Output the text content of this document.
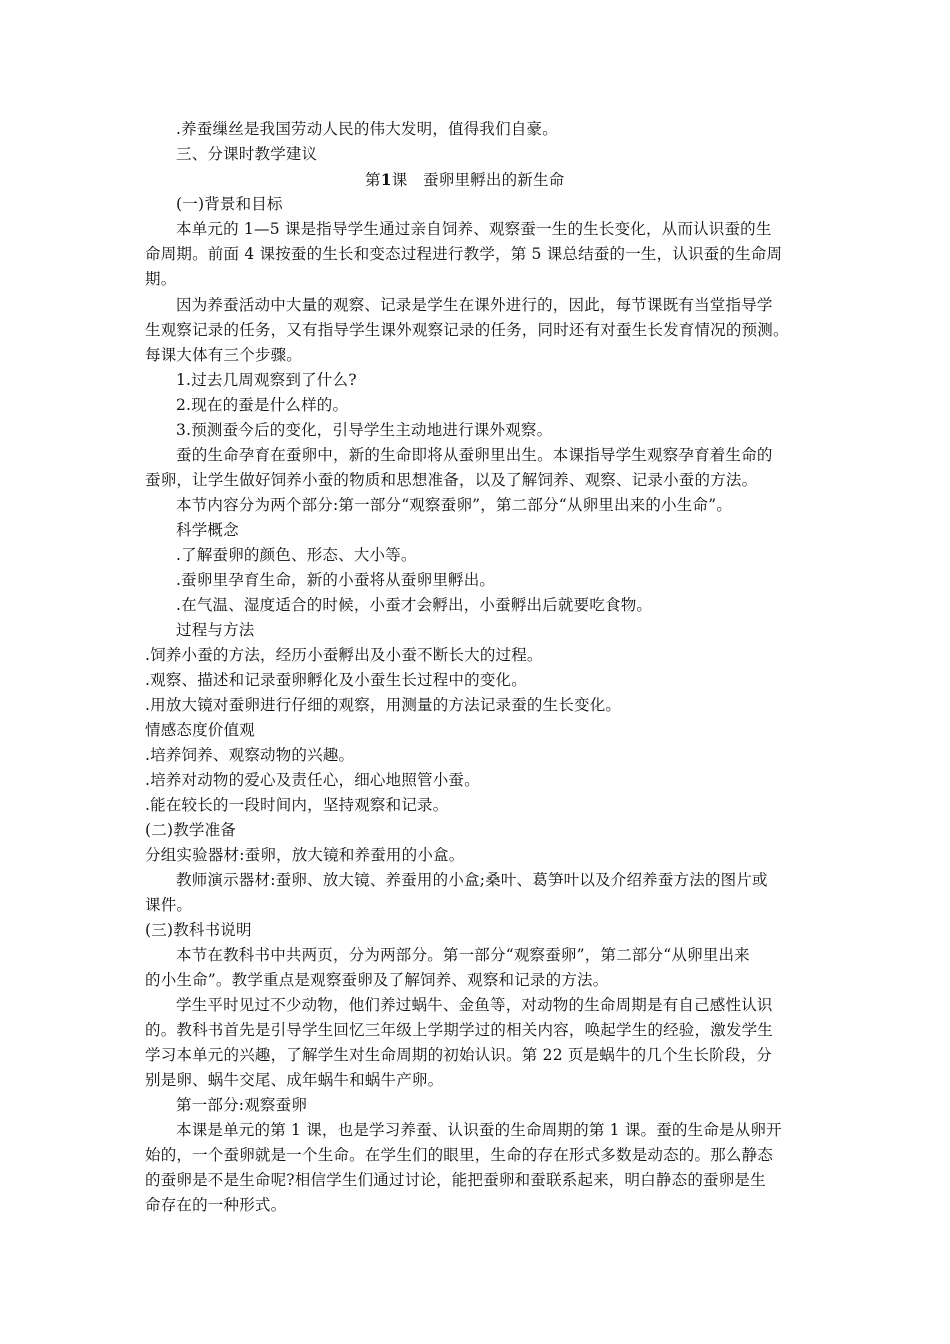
.养蚕缫丝是我国劳动人民的伟大发明，值得我们自豪。
三、分课时教学建议
第1课　蚕卵里孵出的新生命
(一)背景和目标
本单元的 1—5 课是指导学生通过亲自饲养、观察蚕一生的生长变化，从而认识蚕的生
命周期。前面 4 课按蚕的生长和变态过程进行教学，第 5 课总结蚕的一生，认识蚕的生命周
期。
因为养蚕活动中大量的观察、记录是学生在课外进行的，因此，每节课既有当堂指导学
生观察记录的任务，又有指导学生课外观察记录的任务，同时还有对蚕生长发育情况的预测。
每课大体有三个步骤。
1.过去几周观察到了什么?
2.现在的蚕是什么样的。
3.预测蚕今后的变化，引导学生主动地进行课外观察。
蚕的生命孕育在蚕卵中，新的生命即将从蚕卵里出生。本课指导学生观察孕育着生命的
蚕卵，让学生做好饲养小蚕的物质和思想准备，以及了解饲养、观察、记录小蚕的方法。
本节内容分为两个部分:第一部分“观察蚕卵”，第二部分“从卵里出来的小生命”。
科学概念
.了解蚕卵的颜色、形态、大小等。
.蚕卵里孕育生命，新的小蚕将从蚕卵里孵出。
.在气温、湿度适合的时候，小蚕才会孵出，小蚕孵出后就要吃食物。
过程与方法
.饲养小蚕的方法，经历小蚕孵出及小蚕不断长大的过程。
.观察、描述和记录蚕卵孵化及小蚕生长过程中的变化。
.用放大镜对蚕卵进行仔细的观察，用测量的方法记录蚕的生长变化。
情感态度价值观
.培养饲养、观察动物的兴趣。
.培养对动物的爱心及责任心，细心地照管小蚕。
.能在较长的一段时间内，坚持观察和记录。
(二)教学准备
分组实验器材:蚕卵，放大镜和养蚕用的小盒。
教师演示器材:蚕卵、放大镜、养蚕用的小盒;桑叶、葛笋叶以及介绍养蚕方法的图片或
课件。
(三)教科书说明
本节在教科书中共两页，分为两部分。第一部分“观察蚕卵”，第二部分“从卵里出来
的小生命”。教学重点是观察蚕卵及了解饲养、观察和记录的方法。
学生平时见过不少动物，他们养过蜗牛、金鱼等，对动物的生命周期是有自己感性认识
的。教科书首先是引导学生回忆三年级上学期学过的相关内容，唤起学生的经验，激发学生
学习本单元的兴趣，了解学生对生命周期的初始认识。第 22 页是蜗牛的几个生长阶段，分
别是卵、蜗牛交尾、成年蜗牛和蜗牛产卵。
第一部分:观察蚕卵
本课是单元的第 1 课，也是学习养蚕、认识蚕的生命周期的第 1 课。蚕的生命是从卵开
始的，一个蚕卵就是一个生命。在学生们的眼里，生命的存在形式多数是动态的。那么静态
的蚕卵是不是生命呢?相信学生们通过讨论，能把蚕卵和蚕联系起来，明白静态的蚕卵是生
命存在的一种形式。
